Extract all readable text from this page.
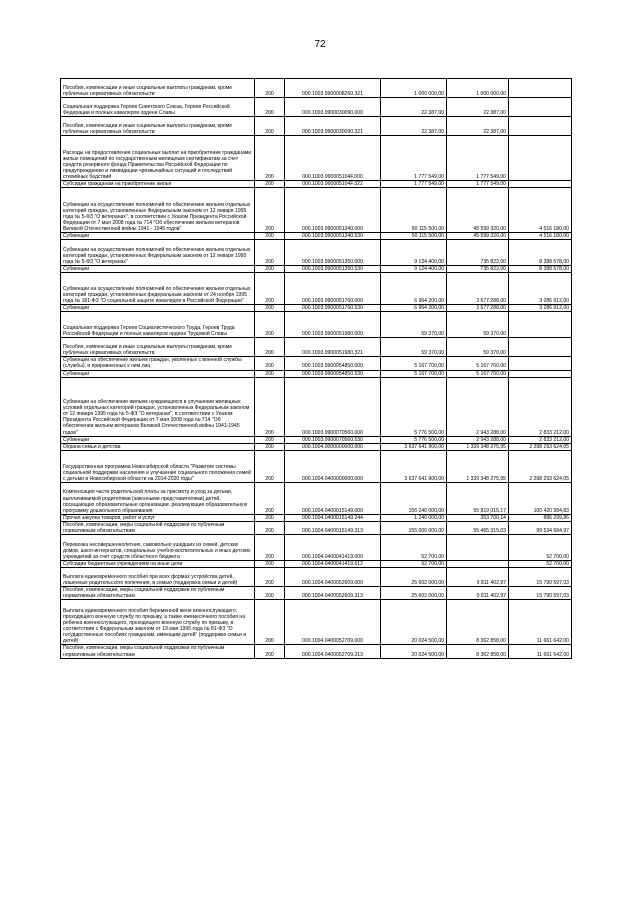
72
Пособия, компенсации и иные социальные выплаты гражданам, кроме публичных нормативных обязательств	200	000.1003.9900008260.321	1 000 000,00	1 000 000,00	
Социальная поддержка Героев Советского Союза, Героев Российской Федерации и полных кавалеров ордена Славы	200	000.1003.9900030090.000	22 387,00	22 387,00	
Пособия, компенсации и иные социальные выплаты гражданам, кроме публичных нормативных обязательств	200	000.1003.9900030090.321	22 387,00	22 387,00	
Расходы на предоставление социальных выплат на приобретение гражданами жилых помещений по государственным жилищным сертификатам за счет средств резервного фонда Правительства Российской Федерации по предупреждению и ликвидации чрезвычайных ситуаций и последствий стихийных бедствий	200	000.1003.990005104F.000	1 777 549,00	1 777 549,00	
Субсидии гражданам на приобретение жилья	200	000.1003.990005104F.322	1 777 549,00	1 777 549,00	
Субвенции на осуществление полномочий по обеспечению жильем отдельных категорий граждан, установленных Федеральным законом от 12 января 1995 года № 5-ФЗ "О ветеранах", в соответствии с Указом Президента Российской Федерации от 7 мая 2008 года № 714 "Об обеспечении жильем ветеранов Великой Отечественной войны 1941 - 1945 годов"	200	000.1003.9900051340.000	50 115 500,00	45 599 320,00	4 516 180,00
Субвенции	200	000.1003.9900051340.530	50 115 500,00	45 599 320,00	4 516 180,00
Субвенции на осуществление полномочий по обеспечению жильем отдельных категорий граждан, установленных Федеральным законом от 12 января 1995 года № 5-ФЗ "О ветеранах"	200	000.1003.9900051350.000	9 124 400,00	735 822,00	8 388 578,00
Субвенции	200	000.1003.9900051350.530	9 124 400,00	735 822,00	8 388 578,00
Субвенции на осуществление полномочий по обеспечению жильем отдельных категорий граждан, установленных федеральным законом от 24 ноября 1995 года № 181-ФЗ "О социальной защите инвалидов в Российской Федерации"	200	000.1003.9900051760.000	6 964 200,00	3 677 288,00	3 286 912,00
Субвенции	200	000.1003.9900051760.530	6 964 200,00	3 677 288,00	3 286 912,00
Социальная поддержка Героев Социалистического Труда, Героев Труда Российской Федерации и полных кавалеров ордена Трудовой Славы	200	000.1003.9900051980.000	59 370,00	59 370,00	
Пособия, компенсации и иные социальные выплаты гражданам, кроме публичных нормативных обязательств	200	000.1003.9900051980.321	59 370,00	59 370,00	
Субвенции на обеспечение жильем граждан, уволенных с военной службы (службы), и приравненных к ним лиц	200	000.1003.9900054850.000	5 167 700,00	5 167 700,00	
Субвенции	200	000.1003.9900054850.530	5 167 700,00	5 167 700,00	
Субвенции на обеспечение жильем нуждающихся в улучшении жилищных условий отдельных категорий граждан, установленных Федеральным законом от 12 января 1995 года № 5-ФЗ "О ветеранах", в соответствии с Указом Президента Российской Федерации от 7 мая 2008 года № 714 "Об обеспечении жильем ветеранов Великой Отечественной войны 1941-1945 годов"	200	000.1003.9900070560.000	5 776 500,00	2 943 288,00	2 833 212,00
Субвенции	200	000.1003.9900070560.530	5 776 500,00	2 943 288,00	2 833 212,00
Охрана семьи и детства	200	000.1004.0000000000.000	3 637 641 900,00	1 339 348 275,95	2 298 293 624,05
Государственная программа Новосибирской области "Развитие системы социальной поддержки населения и улучшение социального положения семей с детьми в Новосибирской области на 2014-2020 годы"	200	000.1004.0400000000.000	3 637 641 900,00	1 339 348 275,95	2 298 293 624,05
Компенсация части родительской платы за присмотр и уход за детьми, выплачиваемой родителями (законными представителями) детей, посещающих образовательные организации, реализующие образовательную программу дошкольного образования	200	000.1004.0400015149.000	156 240 000,00	55 819 015,17	100 420 984,83
Прочая закупка товаров, работ и услуг	200	000.1004.0400015149.244	1 240 000,00	353 700,14	886 299,86
Пособия, компенсации, меры социальной поддержки по публичным нормативным обязательствам	200	000.1004.0400015149.313	155 000 000,00	55 465 315,03	99 534 684,97
Перевозка несовершеннолетних, самовольно ушедших из семей, детских домов, школ-интернатов, специальных учебно-воспитательных и иных детских учреждений за счет средств областного бюджета	200	000.1004.0400041419.000	52 700,00		52 700,00
Субсидии бюджетным учреждениям на иные цели	200	000.1004.0400041419.612	52 700,00		52 700,00
Выплата единовременного пособия при всех формах устройства детей, лишенных родительского попечения, в семью (поддержка семьи и детей)	200	000.1004.0400052609.000	25 602 000,00	9 811 402,97	15 790 597,03
Пособия, компенсации, меры социальной поддержки по публичным нормативным обязательствам	200	000.1004.0400052609.313	25 602 000,00	9 811 402,97	15 790 597,03
Выплата единовременного пособия беременной жене военнослужащего, проходящего военную службу по призыву, а также ежемесячного пособия на ребенка военнослужащего, проходящего военную службу по призыву, в соответствии с Федеральным законом от 19 мая 1995 года № 81-ФЗ "О государственных пособиях гражданам, имеющим детей" (поддержка семьи и детей)	200	000.1004.0400052709.000	20 024 500,00	8 362 858,00	11 661 642,00
Пособия, компенсации, меры социальной поддержки по публичным нормативным обязательствам	200	000.1004.0400052709.313	20 024 500,00	8 362 858,00	11 661 642,00
